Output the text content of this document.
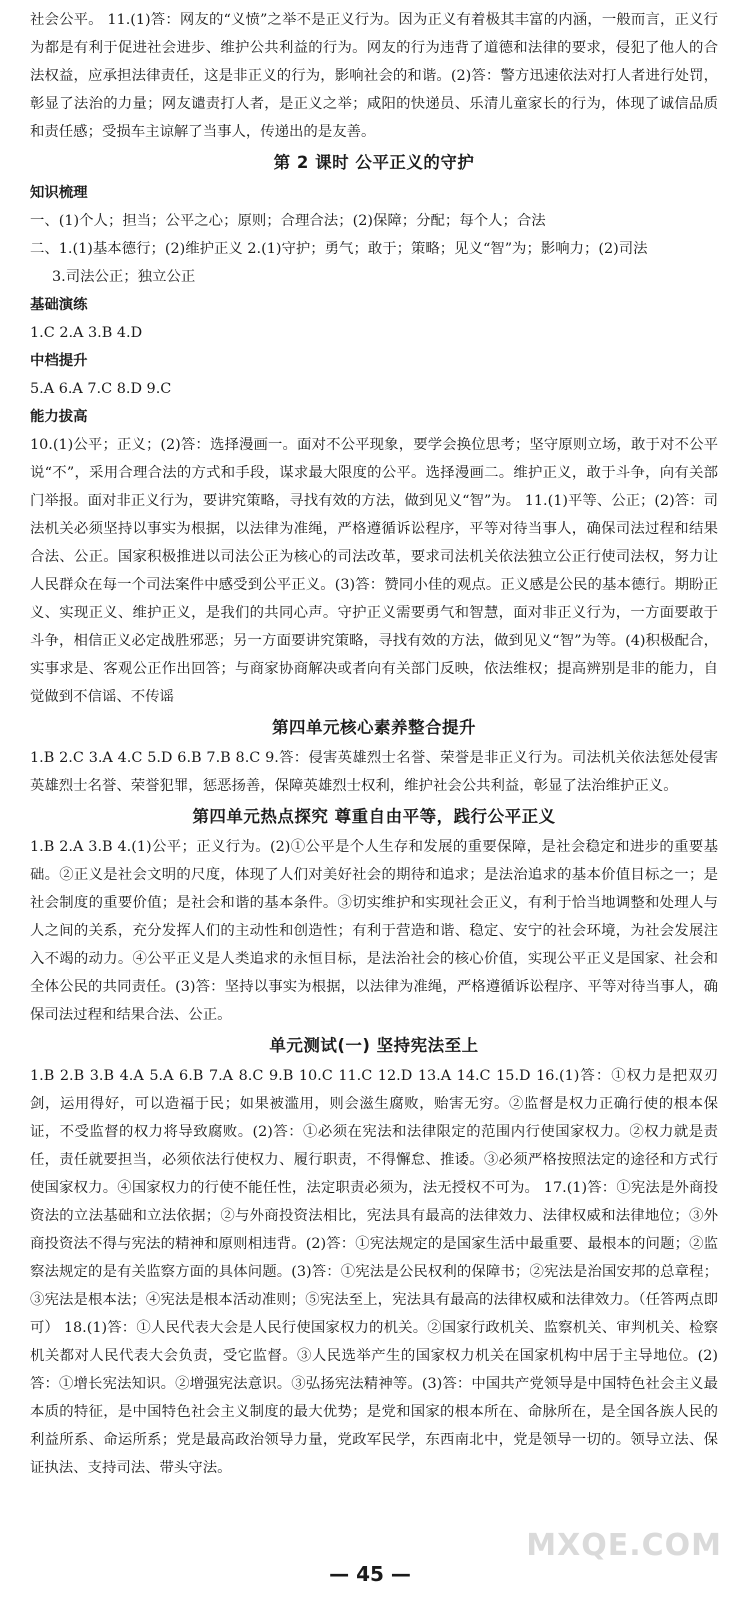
社会公平。 11.(1)答：网友的“义愤”之举不是正义行为。因为正义有着极其丰富的内涵，一般而言，正义行为都是有利于促进社会进步、维护公共利益的行为。网友的行为违背了道德和法律的要求，侵犯了他人的合法权益，应承担法律责任，这是非正义的行为，影响社会的和谐。(2)答：警方迅速依法对打人者进行处罚，彰显了法治的力量；网友谴责打人者，是正义之举；咸阳的快递员、乐清儿童家长的行为，体现了诚信品质和责任感；受损车主谅解了当事人，传递出的是友善。

第 2 课时 公平正义的守护
知识梳理

一、(1)个人；担当；公平之心；原则；合理合法；(2)保障；分配；每个人；合法

二、1.(1)基本德行；(2)维护正义 2.(1)守护；勇气；敢于；策略；见义“智”为；影响力；(2)司法

3.司法公正；独立公正

基础演练

1.C 2.A 3.B 4.D

中档提升

5.A 6.A 7.C 8.D 9.C

能力拔高

10.(1)公平；正义；(2)答：选择漫画一。面对不公平现象，要学会换位思考；坚守原则立场，敢于对不公平说“不”，采用合理合法的方式和手段，谋求最大限度的公平。选择漫画二。维护正义，敢于斗争，向有关部门举报。面对非正义行为，要讲究策略，寻找有效的方法，做到见义“智”为。 11.(1)平等、公正；(2)答：司法机关必须坚持以事实为根据，以法律为准绳，严格遵循诉讼程序，平等对待当事人，确保司法过程和结果合法、公正。国家积极推进以司法公正为核心的司法改革，要求司法机关依法独立公正行使司法权，努力让人民群众在每一个司法案件中感受到公平正义。(3)答：赞同小佳的观点。正义感是公民的基本德行。期盼正义、实现正义、维护正义，是我们的共同心声。守护正义需要勇气和智慧，面对非正义行为，一方面要敢于斗争，相信正义必定战胜邪恶；另一方面要讲究策略，寻找有效的方法，做到见义“智”为等。(4)积极配合，实事求是、客观公正作出回答；与商家协商解决或者向有关部门反映，依法维权；提高辨别是非的能力，自觉做到不信谣、不传谣

第四单元核心素养整合提升

1.B 2.C 3.A 4.C 5.D 6.B 7.B 8.C 9.答：侵害英雄烈士名誉、荣誉是非正义行为。司法机关依法惩处侵害英雄烈士名誉、荣誉犯罪，惩恶扬善，保障英雄烈士权利，维护社会公共利益，彰显了法治维护正义。

第四单元热点探究 尊重自由平等，践行公平正义

1.B 2.A 3.B 4.(1)公平；正义行为。(2)①公平是个人生存和发展的重要保障，是社会稳定和进步的重要基础。②正义是社会文明的尺度，体现了人们对美好社会的期待和追求；是法治追求的基本价值目标之一；是社会制度的重要价值；是社会和谐的基本条件。③切实维护和实现社会正义，有利于恰当地调整和处理人与人之间的关系，充分发挥人们的主动性和创造性；有利于营造和谐、稳定、安宁的社会环境，为社会发展注入不竭的动力。④公平正义是人类追求的永恒目标，是法治社会的核心价值，实现公平正义是国家、社会和全体公民的共同责任。(3)答：坚持以事实为根据，以法律为准绳，严格遵循诉讼程序、平等对待当事人，确保司法过程和结果合法、公正。

单元测试(一) 坚持宪法至上

1.B 2.B 3.B 4.A 5.A 6.B 7.A 8.C 9.B 10.C 11.C 12.D 13.A 14.C 15.D 16.(1)答：①权力是把双刃剑，运用得好，可以造福于民；如果被滥用，则会滋生腐败，贻害无穷。②监督是权力正确行使的根本保证，不受监督的权力将导致腐败。(2)答：①必须在宪法和法律限定的范围内行使国家权力。②权力就是责任，责任就要担当，必须依法行使权力、履行职责，不得懈怠、推诿。③必须严格按照法定的途径和方式行使国家权力。④国家权力的行使不能任性，法定职责必须为，法无授权不可为。 17.(1)答：①宪法是外商投资法的立法基础和立法依据；②与外商投资法相比，宪法具有最高的法律效力、法律权威和法律地位；③外商投资法不得与宪法的精神和原则相违背。(2)答：①宪法规定的是国家生活中最重要、最根本的问题；②监察法规定的是有关监察方面的具体问题。(3)答：①宪法是公民权利的保障书；②宪法是治国安邦的总章程；③宪法是根本法；④宪法是根本活动准则；⑤宪法至上，宪法具有最高的法律权威和法律效力。（任答两点即可） 18.(1)答：①人民代表大会是人民行使国家权力的机关。②国家行政机关、监察机关、审判机关、检察机关都对人民代表大会负责，受它监督。③人民选举产生的国家权力机关在国家机构中居于主导地位。(2)答：①增长宪法知识。②增强宪法意识。③弘扬宪法精神等。(3)答：中国共产党领导是中国特色社会主义最本质的特征，是中国特色社会主义制度的最大优势；是党和国家的根本所在、命脉所在，是全国各族人民的利益所系、命运所系；党是最高政治领导力量，党政军民学，东西南北中，党是领导一切的。领导立法、保证执法、支持司法、带头守法。

MXQE.COM
— 45 —
